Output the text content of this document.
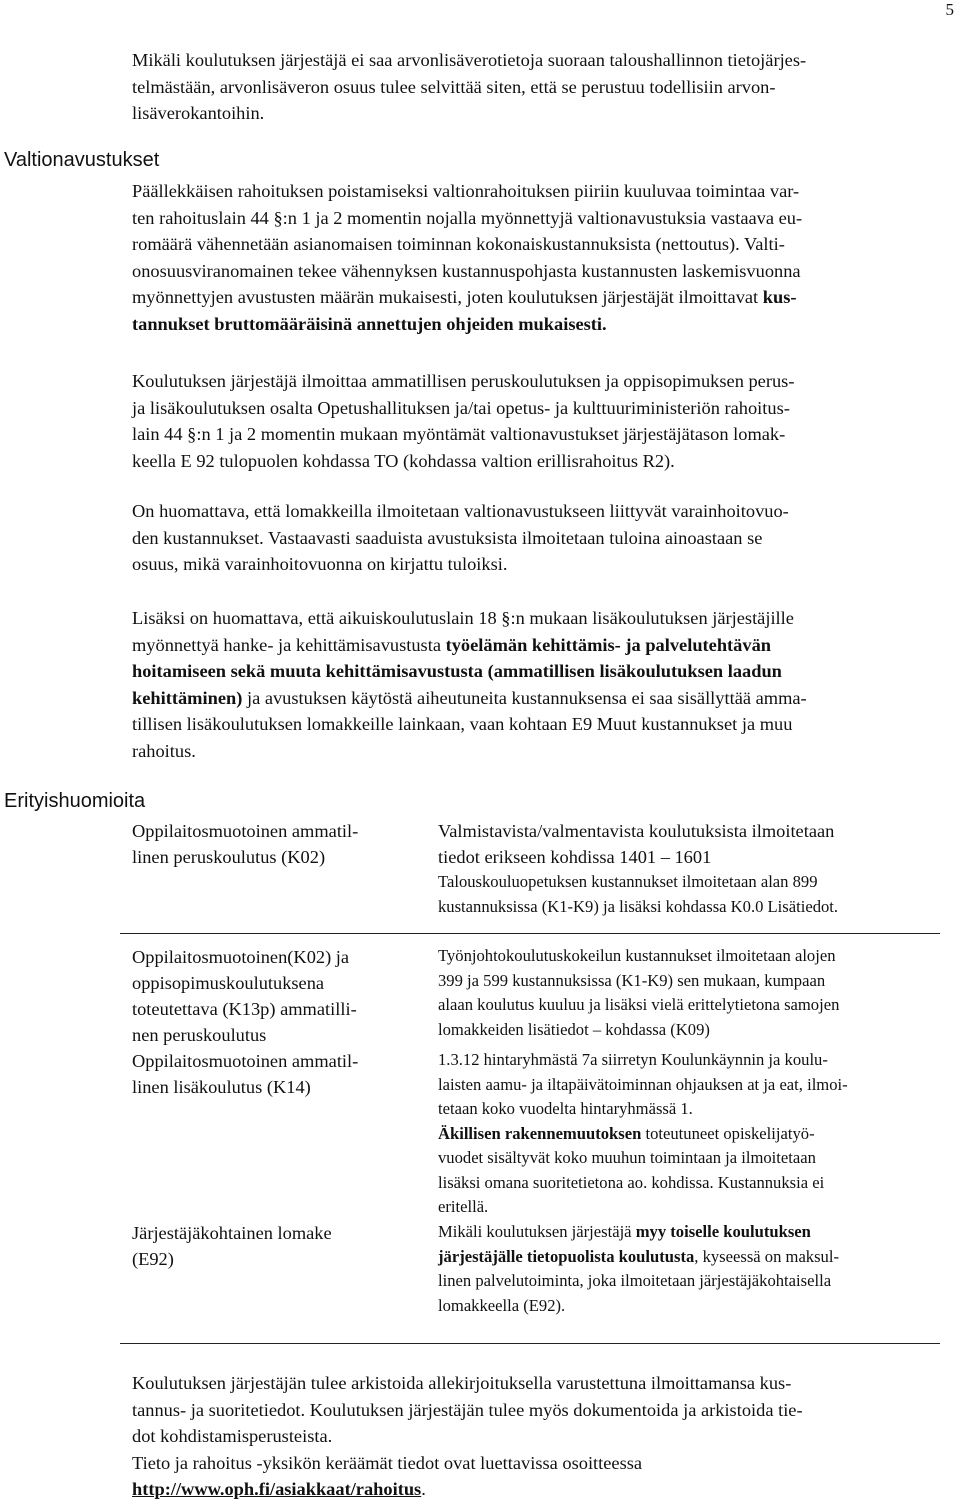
5

Mikäli koulutuksen järjestäjä ei saa arvonlisäverotietoja suoraan taloushallinnon tietojärjes-
telmästään, arvonlisäveron osuus tulee selvittää siten, että se perustuu todellisiin arvon-
lisäverokantoihin.

Valtionavustukset

Päällekkäisen rahoituksen poistamiseksi valtionrahoituksen piiriin kuuluvaa toimintaa var-
ten rahoituslain 44 §:n 1 ja 2 momentin nojalla myönnettyjä valtionavustuksia vastaava eu-
romäärä vähennetään asianomaisen toiminnan kokonaiskustannuksista (nettoutus). Valti-
onosuusviranomainen tekee vähennyksen kustannuspohjasta kustannusten laskemisvuonna
myönnettyjen avustusten määrän mukaisesti, joten koulutuksen järjestäjät ilmoittavat kus-
tannukset bruttomääräisinä annettujen ohjeiden mukaisesti.

Koulutuksen järjestäjä ilmoittaa ammatillisen peruskoulutuksen ja oppisopimuksen perus-
ja lisäkoulutuksen osalta Opetushallituksen ja/tai opetus- ja kulttuuriministeriön rahoitus-
lain 44 §:n 1 ja 2 momentin mukaan myöntämät valtionavustukset järjestäjätason lomak-
keella E 92 tulopuolen kohdassa TO (kohdassa valtion erillisrahoitus R2).

On huomattava, että lomakkeilla ilmoitetaan valtionavustukseen liittyvät varainhoitovuo-
den kustannukset. Vastaavasti saaduista avustuksista ilmoitetaan tuloina ainoastaan se
osuus, mikä varainhoitovuonna on kirjattu tuloiksi.

Lisäksi on huomattava, että aikuiskoulutuslain 18 §:n mukaan lisäkoulutuksen järjestäjille
myönnettyä hanke- ja kehittämisavustusta työelämän kehittämis- ja palvelutehtävän
hoitamiseen sekä muuta kehittämisavustusta (ammatillisen lisäkoulutuksen laadun
kehittäminen) ja avustuksen käytöstä aiheutuneita kustannuksensa ei saa sisällyttää amma-
tillisen lisäkoulutuksen lomakkeille lainkaan, vaan kohtaan E9 Muut kustannukset ja muu
rahoitus.

Erityishuomioita
Oppilaitosmuotoinen ammatil-
linen peruskoulutus (K02)
Valmistavista/valmentavista koulutuksista ilmoitetaan
tiedot erikseen kohdissa 1401 – 1601
Talouskouluopetuksen kustannukset ilmoitetaan alan 899
kustannuksissa (K1-K9) ja lisäksi kohdassa K0.0 Lisätiedot.
Oppilaitosmuotoinen(K02) ja
oppisopimuskoulutuksena
toteutettava (K13p) ammatilli-
nen peruskoulutus
Työnjohtokoulutuskokeilun kustannukset ilmoitetaan alojen
399 ja 599 kustannuksissa (K1-K9) sen mukaan, kumpaan
alaan koulutus kuuluu ja lisäksi vielä erittelytietona samojen
lomakkeiden lisätiedot – kohdassa (K09)
Oppilaitosmuotoinen ammatil-
linen lisäkoulutus (K14)
1.3.12 hintaryhmästä 7a siirretyn Koulunkäynnin ja koulu-
laisten aamu- ja iltapäivätoiminnan ohjauksen at ja eat, ilmoi-
tetaan koko vuodelta hintaryhmässä 1.
Äkillisen rakennemuutoksen toteutuneet opiskelijatyö-
vuodet sisältyvät koko muuhun toimintaan ja ilmoitetaan
lisäksi omana suoritetietona ao. kohdissa. Kustannuksia ei
eritellä.
Järjestäjäkohtainen lomake
(E92)
Mikäli koulutuksen järjestäjä myy toiselle koulutuksen
järjestäjälle tietopuolista koulutusta, kyseessä on maksul-
linen palvelutoiminta, joka ilmoitetaan järjestäjäkohtaisella
lomakkeella (E92).

Koulutuksen järjestäjän tulee arkistoida allekirjoituksella varustettuna ilmoittamansa kus-
tannus- ja suoritetiedot. Koulutuksen järjestäjän tulee myös dokumentoida ja arkistoida tie-
dot kohdistamisperusteista.
Tieto ja rahoitus -yksikön keräämät tiedot ovat luettavissa osoitteessa
http://www.oph.fi/asiakkaat/rahoitus.
